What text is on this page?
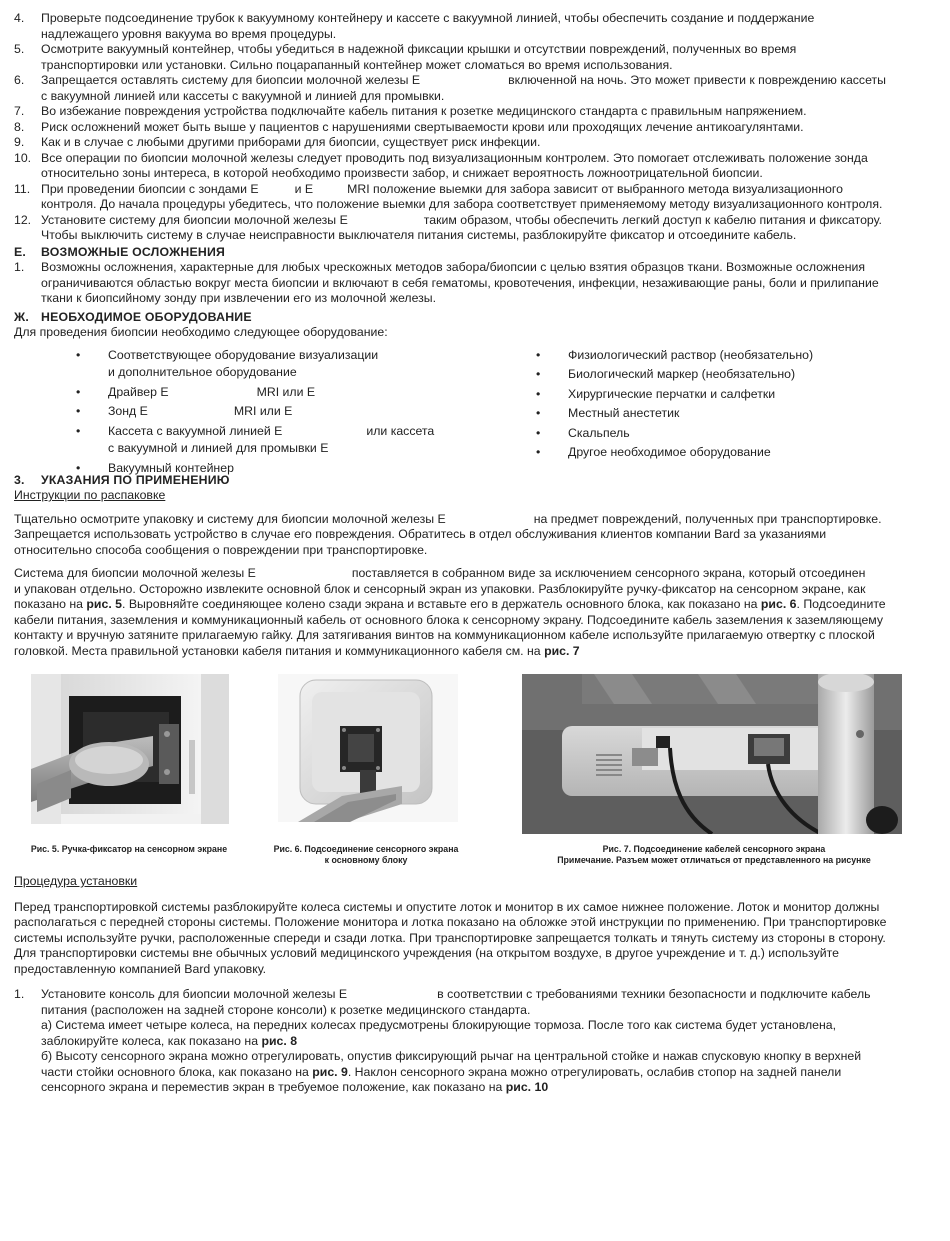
4. Проверьте подсоединение трубок к вакуумному контейнеру и кассете с вакуумной линией, чтобы обеспечить создание и поддержание
надлежащего уровня вакуума во время процедуры.
5. Осмотрите вакуумный контейнер, чтобы убедиться в надежной фиксации крышки и отсутствии повреждений, полученных во время
транспортировки или установки. Сильно поцарапанный контейнер может сломаться во время использования.
6. Запрещается оставлять систему для биопсии молочной железы E	включенной на ночь. Это может привести к повреждению кассеты
с вакуумной линией или кассеты с вакуумной и линией для промывки.
7. Во избежание повреждения устройства подключайте кабель питания к розетке медицинского стандарта с правильным напряжением.
8. Риск осложнений может быть выше у пациентов с нарушениями свертываемости крови или проходящих лечение антикоагулянтами.
9. Как и в случае с любыми другими приборами для биопсии, существует риск инфекции.
10. Все операции по биопсии молочной железы следует проводить под визуализационным контролем. Это помогает отслеживать положение зонда
относительно зоны интереса, в которой необходимо произвести забор, и снижает вероятность ложноотрицательной биопсии.
11. При проведении биопсии с зондами E	и E	MRI положение выемки для забора зависит от выбранного метода визуализационного
контроля. До начала процедуры убедитесь, что положение выемки для забора соответствует применяемому методу визуализационного контроля.
12. Установите систему для биопсии молочной железы E	таким образом, чтобы обеспечить легкий доступ к кабелю питания и фиксатору.
Чтобы выключить систему в случае неисправности выключателя питания системы, разблокируйте фиксатор и отсоедините кабель.
E. ВОЗМОЖНЫЕ ОСЛОЖНЕНИЯ
1. Возможны осложнения, характерные для любых чрескожных методов забора/биопсии с целью взятия образцов ткани. Возможные осложнения
ограничиваются областью вокруг места биопсии и включают в себя гематомы, кровотечения, инфекции, незаживающие раны, боли и прилипание
ткани к биопсийному зонду при извлечении его из молочной железы.
Ж. НЕОБХОДИМОЕ ОБОРУДОВАНИЕ
Для проведения биопсии необходимо следующее оборудование:
• Соответствующее оборудование визуализации
и дополнительное оборудование
• Драйвер E	MRI или E
• Зонд E	MRI или E
• Кассета с вакуумной линией E	или кассета
с вакуумной и линией для промывки E
• Вакуумный контейнер
• Физиологический раствор (необязательно)
• Биологический маркер (необязательно)
• Хирургические перчатки и салфетки
• Местный анестетик
• Скальпель
• Другое необходимое оборудование
3. УКАЗАНИЯ ПО ПРИМЕНЕНИЮ
Инструкции по распаковке
Тщательно осмотрите упаковку и систему для биопсии молочной железы E	на предмет повреждений, полученных при транспортировке.
Запрещается использовать устройство в случае его повреждения. Обратитесь в отдел обслуживания клиентов компании Bard за указаниями
относительно способа сообщения о повреждении при транспортировке.
Система для биопсии молочной железы E	поставляется в собранном виде за исключением сенсорного экрана, который отсоединен
и упакован отдельно. Осторожно извлеките основной блок и сенсорный экран из упаковки. Разблокируйте ручку-фиксатор на сенсорном экране, как
показано на рис. 5. Выровняйте соединяющее колено сзади экрана и вставьте его в держатель основного блока, как показано на рис. 6. Подсоедините
кабели питания, заземления и коммуникационный кабель от основного блока к сенсорному экрану. Подсоедините кабель заземления к заземляющему
контакту и вручную затяните прилагаемую гайку. Для затягивания винтов на коммуникационном кабеле используйте прилагаемую отвертку с плоской
головкой. Места правильной установки кабеля питания и коммуникационного кабеля см. на рис. 7
Рис. 5. Ручка-фиксатор на сенсорном экране	Рис. 6. Подсоединение сенсорного экрана
к основному блоку
Рис. 7. Подсоединение кабелей сенсорного экрана
Примечание. Разъем может отличаться от представленного на рисунке
Процедура установки
Перед транспортировкой системы разблокируйте колеса системы и опустите лоток и монитор в их самое нижнее положение. Лоток и монитор должны
располагаться с передней стороны системы. Положение монитора и лотка показано на обложке этой инструкции по применению. При транспортировке
системы используйте ручки, расположенные спереди и сзади лотка. При транспортировке запрещается толкать и тянуть систему из стороны в сторону.
Для транспортировки системы вне обычных условий медицинского учреждения (на открытом воздухе, в другое учреждение и т. д.) используйте
предоставленную компанией Bard упаковку.
1. Установите консоль для биопсии молочной железы E	в соответствии с требованиями техники безопасности и подключите кабель
питания (расположен на задней стороне консоли) к розетке медицинского стандарта.
а) Система имеет четыре колеса, на передних колесах предусмотрены блокирующие тормоза. После того как система будет установлена,
заблокируйте колеса, как показано на рис. 8
б) Высоту сенсорного экрана можно отрегулировать, опустив фиксирующий рычаг на центральной стойке и нажав спусковую кнопку в верхней
части стойки основного блока, как показано на рис. 9. Наклон сенсорного экрана можно отрегулировать, ослабив стопор на задней панели
сенсорного экрана и переместив экран в требуемое положение, как показано на рис. 10
